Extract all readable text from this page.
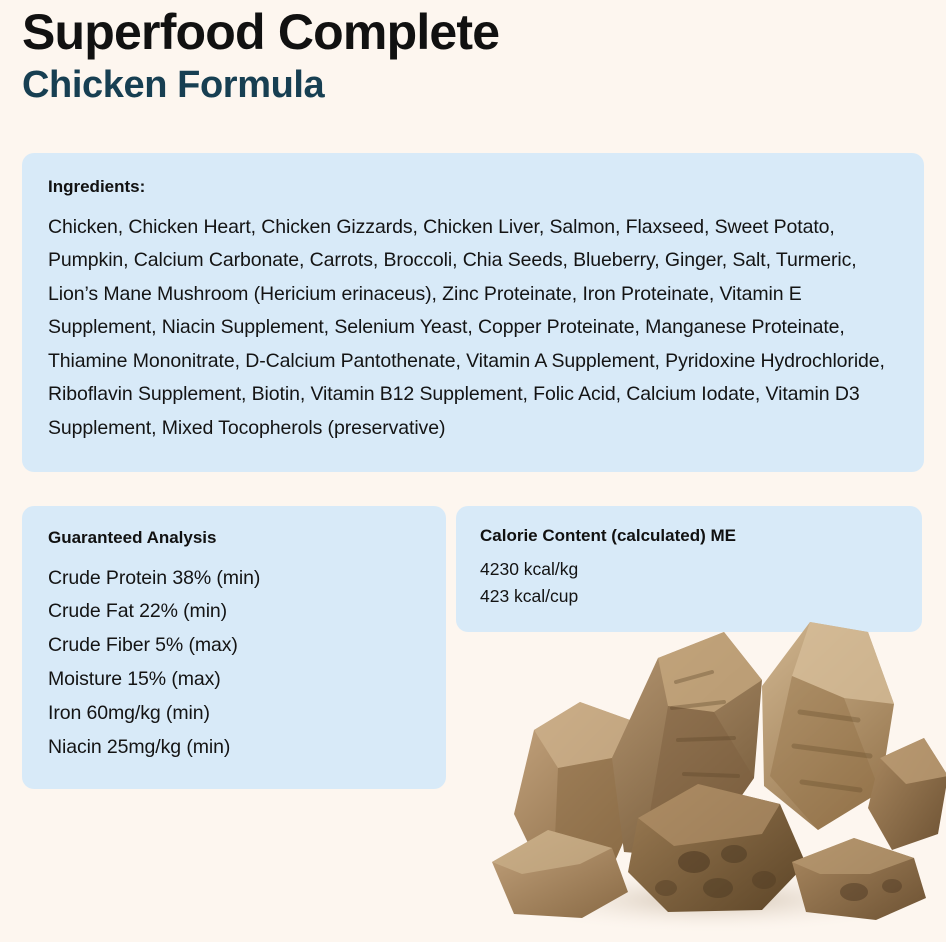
Superfood Complete
Chicken Formula
Ingredients:

Chicken, Chicken Heart, Chicken Gizzards, Chicken Liver, Salmon, Flaxseed, Sweet Potato, Pumpkin, Calcium Carbonate, Carrots, Broccoli, Chia Seeds, Blueberry, Ginger, Salt, Turmeric, Lion’s Mane Mushroom (Hericium erinaceus), Zinc Proteinate, Iron Proteinate, Vitamin E Supplement, Niacin Supplement, Selenium Yeast, Copper Proteinate, Manganese Proteinate, Thiamine Mononitrate, D-Calcium Pantothenate, Vitamin A Supplement, Pyridoxine Hydrochloride, Riboflavin Supplement, Biotin, Vitamin B12 Supplement, Folic Acid, Calcium Iodate, Vitamin D3 Supplement, Mixed Tocopherols (preservative)

Guaranteed Analysis
Crude Protein 38% (min)
Crude Fat 22% (min)
Crude Fiber 5% (max)
Moisture 15% (max)
Iron 60mg/kg (min)
Niacin 25mg/kg (min)
Calorie Content (calculated) ME
4230 kcal/kg
423 kcal/cup
